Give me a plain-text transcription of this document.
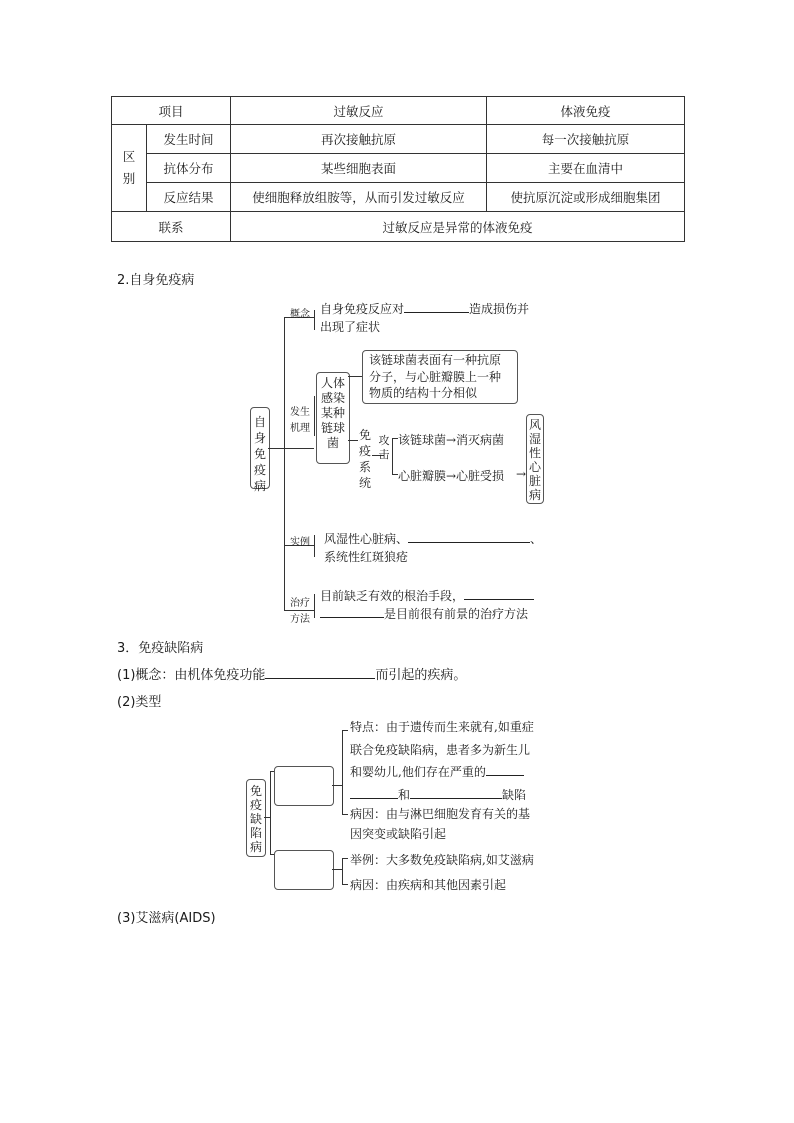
项目		过敏反应	体液免疫

区
别	发生时间	再次接触抗原	每一次接触抗原
	抗体分布	某些细胞表面	主要在血清中
	反应结果	使细胞释放组胺等，从而引发过敏反应	使抗原沉淀或形成细胞集团
联系		过敏反应是异常的体液免疫	
2.自身免疫病
自身免疫病
概念 自身免疫反应对	造成损伤并
出现了症状
发生
机理
人体感染某种链球菌
该链球菌表面有一种抗原
分子，与心脏瓣膜上一种
物质的结构十分相似
免疫系统
攻击
该链球菌→消灭病菌
心脏瓣膜→心脏受损 →
风湿性心脏病
实例 风湿性心脏病、	、
系统性红斑狼疮
治疗
方法
目前缺乏有效的根治手段，
是目前很有前景的治疗方法
3．免疫缺陷病
(1)概念：由机体免疫功能	而引起的疾病。
(2)类型
免疫缺陷病
特点：由于遗传而生来就有,如重症
联合免疫缺陷病，患者多为新生儿
和婴幼儿,他们存在严重的
和	缺陷
病因：由与淋巴细胞发育有关的基
因突变或缺陷引起
举例：大多数免疫缺陷病,如艾滋病
病因：由疾病和其他因素引起
(3)艾滋病(AIDS)
